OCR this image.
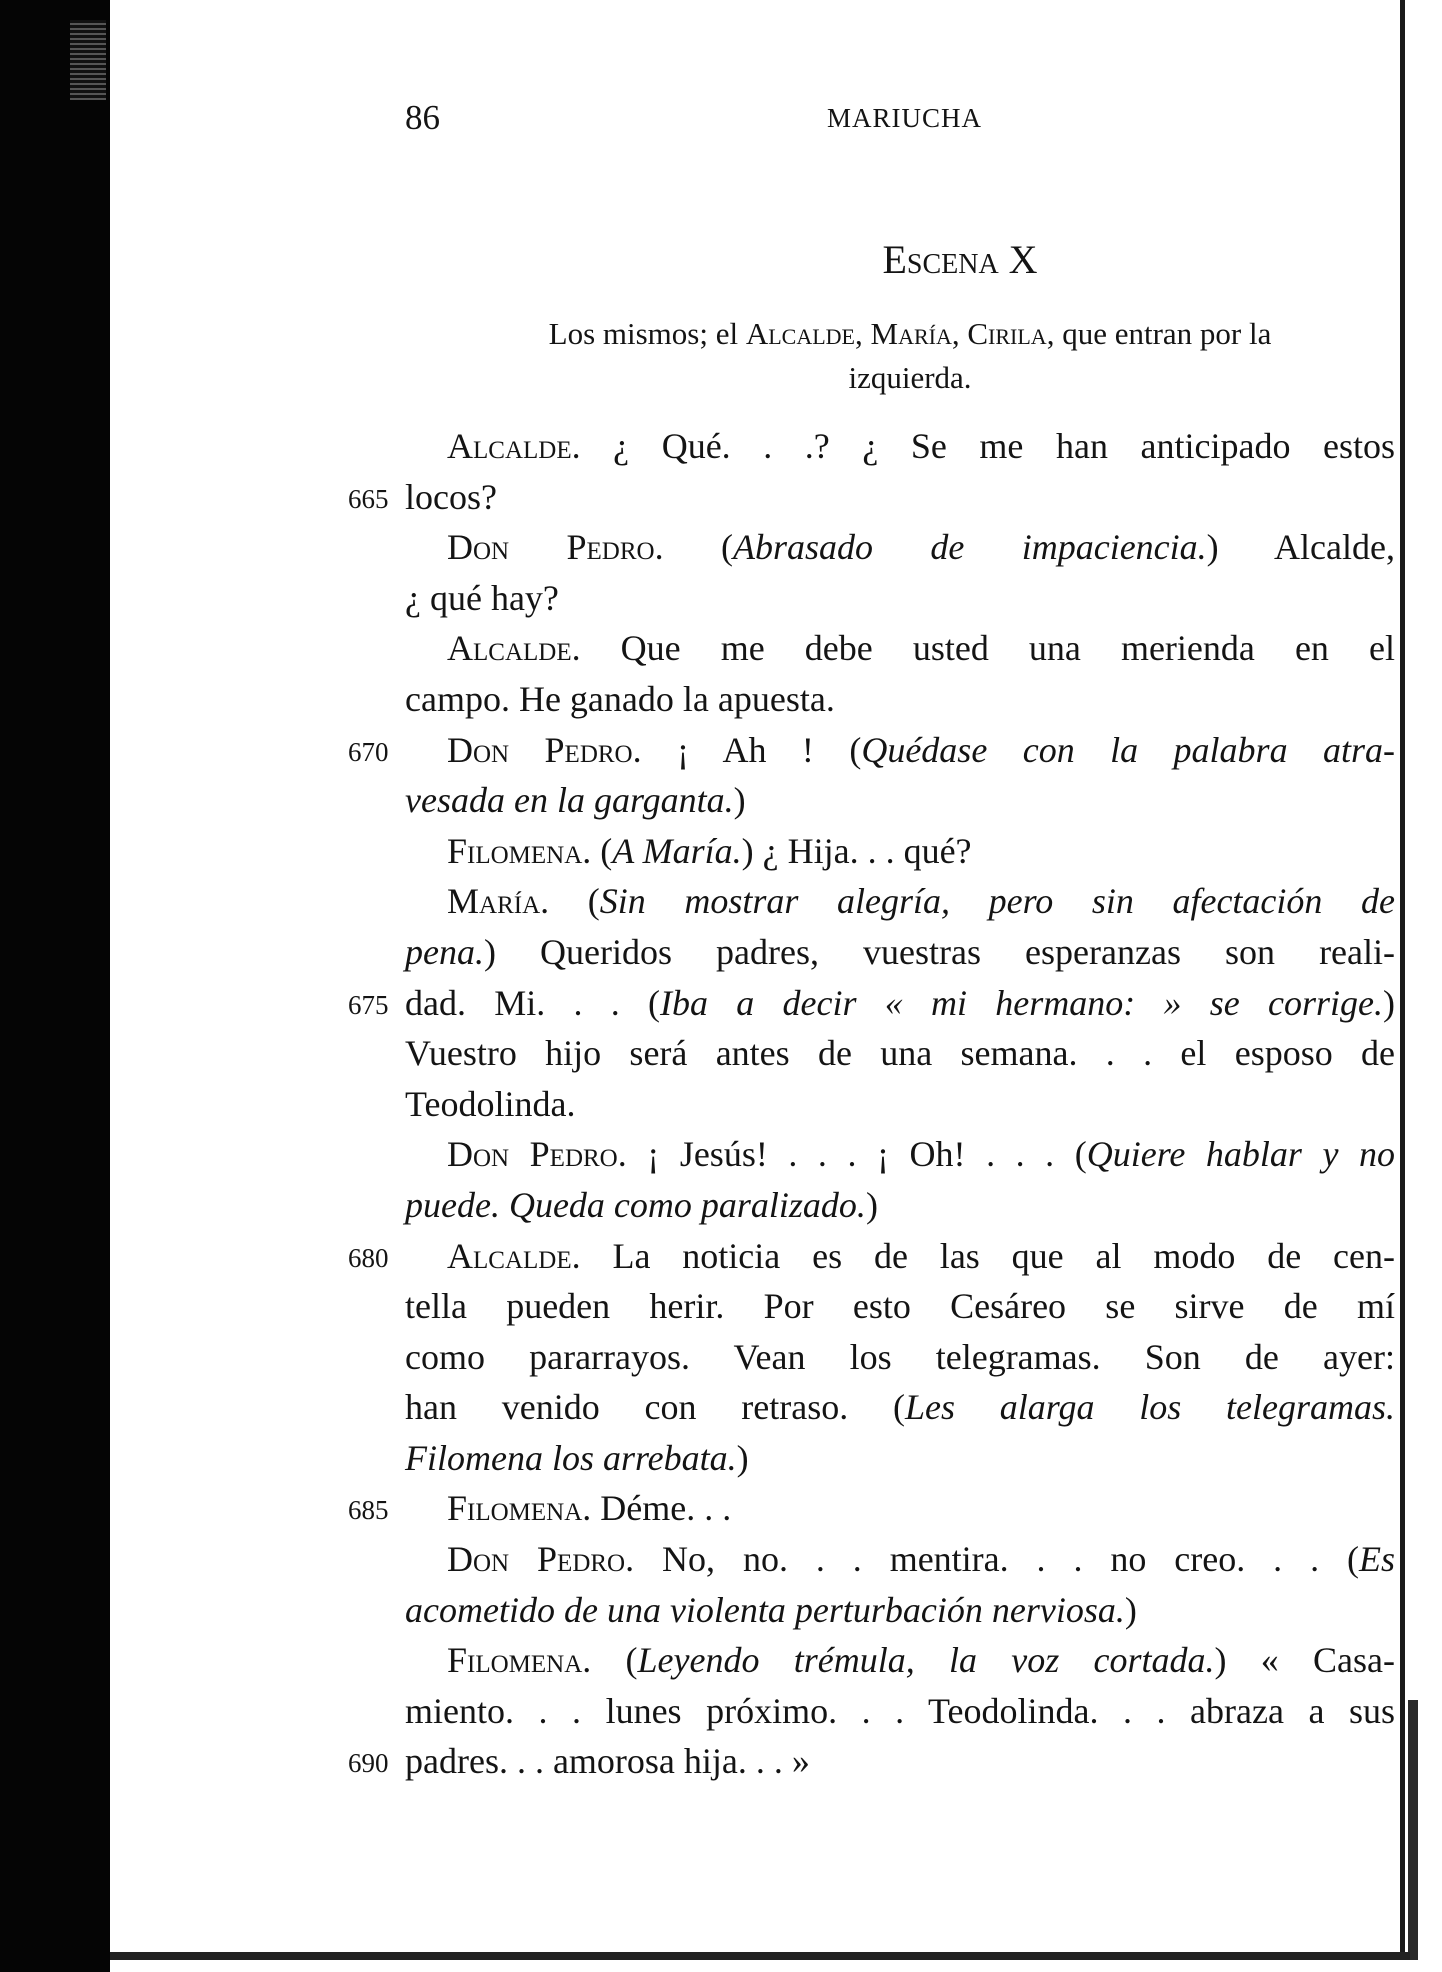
86	MARIUCHA
Escena X
Los mismos; el Alcalde, María, Cirila, que entran por la izquierda.
Alcalde. ¿ Qué. . .? ¿ Se me han anticipado estos
665 locos?
Don Pedro. (Abrasado de impaciencia.) Alcalde,
¿ qué hay?
Alcalde. Que me debe usted una merienda en el
campo. He ganado la apuesta.
670	Don Pedro. ¡ Ah ! (Quédase con la palabra atra-
vesada en la garganta.)
Filomena. (A María.) ¿ Hija. . . qué?
María. (Sin mostrar alegría, pero sin afectación de
pena.) Queridos padres, vuestras esperanzas son reali-
675 dad. Mi. . . (Iba a decir « mi hermano: » se corrige.)
Vuestro hijo será antes de una semana. . . el esposo de
Teodolinda.
Don Pedro. ¡ Jesús! . . . ¡ Oh! . . . (Quiere hablar y no
puede. Queda como paralizado.)
680	Alcalde. La noticia es de las que al modo de cen-
tella pueden herir. Por esto Cesáreo se sirve de mí
como pararrayos. Vean los telegramas. Son de ayer:
han venido con retraso. (Les alarga los telegramas.
Filomena los arrebata.)
685	Filomena. Déme. . .
Don Pedro. No, no. . . mentira. . . no creo. . . (Es
acometido de una violenta perturbación nerviosa.)
Filomena. (Leyendo trémula, la voz cortada.) « Casa-
miento. . . lunes próximo. . . Teodolinda. . . abraza a sus
690 padres. . . amorosa hija. . . »
